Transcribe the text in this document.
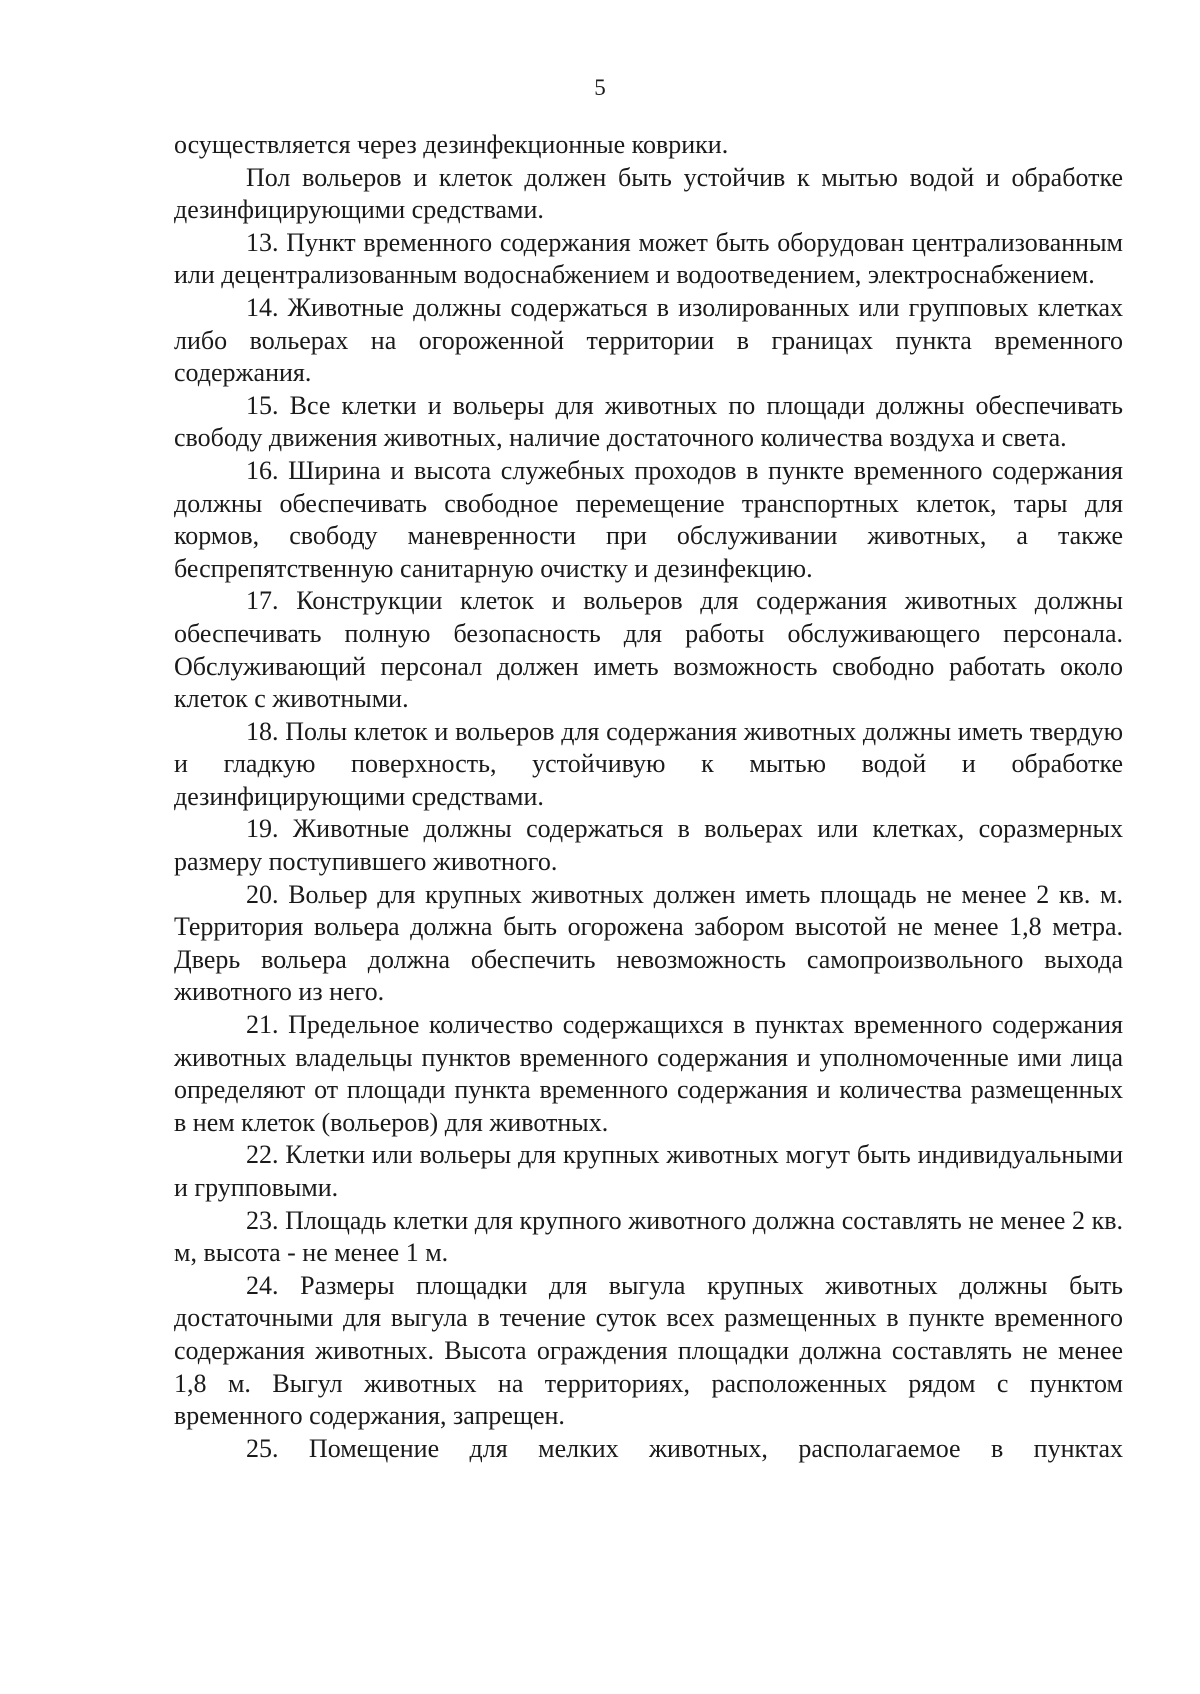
5

осуществляется через дезинфекционные коврики.

Пол вольеров и клеток должен быть устойчив к мытью водой и обработке дезинфицирующими средствами.

13. Пункт временного содержания может быть оборудован централизованным или децентрализованным водоснабжением и водоотведением, электроснабжением.

14. Животные должны содержаться в изолированных или групповых клетках либо вольерах на огороженной территории в границах пункта временного содержания.

15. Все клетки и вольеры для животных по площади должны обеспечивать свободу движения животных, наличие достаточного количества воздуха и света.

16. Ширина и высота служебных проходов в пункте временного содержания должны обеспечивать свободное перемещение транспортных клеток, тары для кормов, свободу маневренности при обслуживании животных, а также беспрепятственную санитарную очистку и дезинфекцию.

17. Конструкции клеток и вольеров для содержания животных должны обеспечивать полную безопасность для работы обслуживающего персонала. Обслуживающий персонал должен иметь возможность свободно работать около клеток с животными.

18. Полы клеток и вольеров для содержания животных должны иметь твердую и гладкую поверхность, устойчивую к мытью водой и обработке дезинфицирующими средствами.

19. Животные должны содержаться в вольерах или клетках, соразмерных размеру поступившего животного.

20. Вольер для крупных животных должен иметь площадь не менее 2 кв. м. Территория вольера должна быть огорожена забором высотой не менее 1,8 метра. Дверь вольера должна обеспечить невозможность самопроизвольного выхода животного из него.

21. Предельное количество содержащихся в пунктах временного содержания животных владельцы пунктов временного содержания и уполномоченные ими лица определяют от площади пункта временного содержания и количества размещенных в нем клеток (вольеров) для животных.

22. Клетки или вольеры для крупных животных могут быть индивидуальными и групповыми.

23. Площадь клетки для крупного животного должна составлять не менее 2 кв. м, высота - не менее 1 м.

24. Размеры площадки для выгула крупных животных должны быть достаточными для выгула в течение суток всех размещенных в пункте временного содержания животных. Высота ограждения площадки должна составлять не менее 1,8 м. Выгул животных на территориях, расположенных рядом с пунктом временного содержания, запрещен.

25. Помещение для мелких животных, располагаемое в пунктах
